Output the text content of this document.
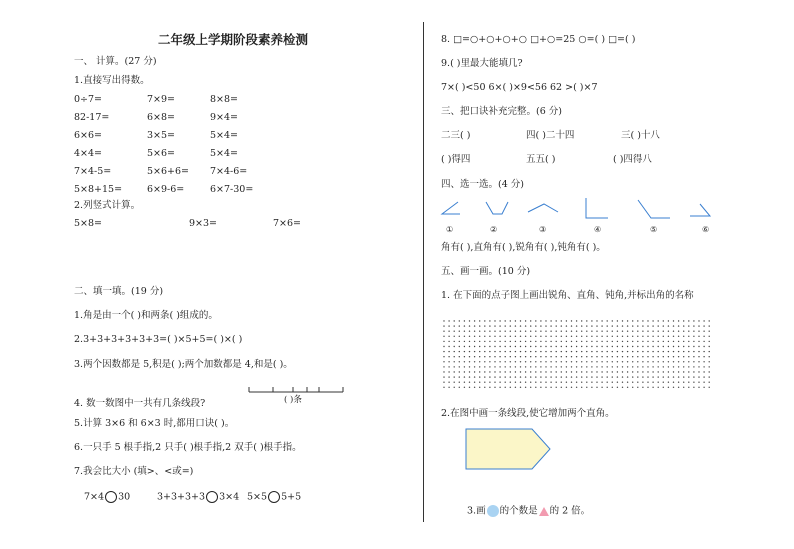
二年级上学期阶段素养检测
一、 计算。(27 分)
1.直接写出得数。
0÷7=	7×9=	8×8=
82-17=	6×8=	9×4=
6×6=	3×5=	5×4=
4×4=	5×6=	5×4=
7×4-5=	5×6+6= 7×4-6=
5×8+15=	6×9-6=	6×7-30=
2.列竖式计算。
5×8=	9×3=	7×6=
二、填一填。(19 分)
1.角是由一个( )和两条( )组成的。
2.3+3+3+3+3+3=( )×5+5=( )×( )
3.两个因数都是 5,积是( );两个加数都是 4,和是( )。
4. 数一数图中一共有几条线段?	( )条
5.计算 3×6 和 6×3 时,都用口诀( )。
6.一只手 5 根手指,2 只手( )根手指,2 双手( )根手指。
7.我会比大小 (填>、<或=)
7×4 30	3+3+3+3 3×4 5×5 5+5
8. □=○+○+○+○ □+○=25 ○=( ) □=( )
9.( )里最大能填几?
7×( )<50 6×( )×9<56 62 >( )×7
三、把口诀补充完整。(6 分)
二三( )	四( )二十四	三( )十八
( )得四	五五( )	( )四得八
四、选一选。(4 分)
①	②	③	④	⑤	⑥
角有( ),直角有( ),锐角有( ),钝角有( )。
五、画一画。(10 分)
1. 在下面的点子图上画出锐角、直角、钝角,并标出角的名称
2.在图中画一条线段,使它增加两个直角。
3.画 的个数是 的 2 倍。
